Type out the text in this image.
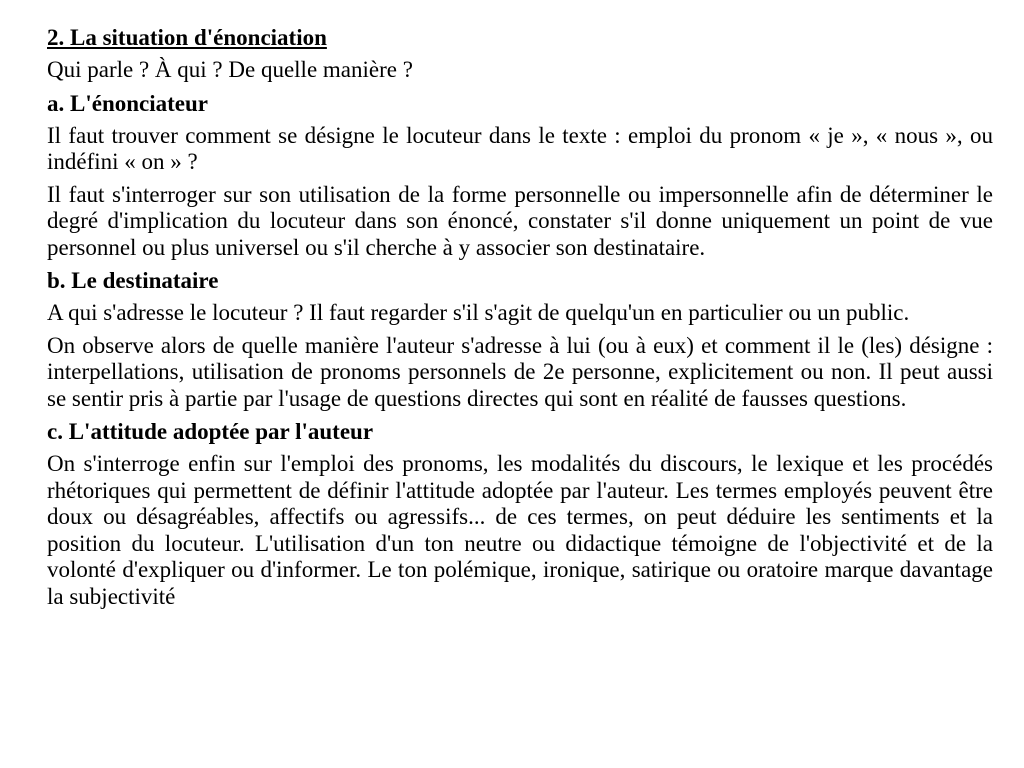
2. La situation d'énonciation
Qui parle ? À qui ? De quelle manière ?
a. L'énonciateur
Il faut trouver comment se désigne le locuteur dans le texte : emploi du pronom « je », « nous », ou indéfini « on » ?
Il faut s'interroger sur son utilisation de la forme personnelle ou impersonnelle afin de déterminer le degré d'implication du locuteur dans son énoncé, constater s'il donne uniquement un point de vue personnel ou plus universel ou s'il cherche à y associer son destinataire.
b. Le destinataire
A qui s'adresse le locuteur ? Il faut regarder s'il s'agit de quelqu'un en particulier ou un public.
On observe alors de quelle manière l'auteur s'adresse à lui (ou à eux) et comment il le (les) désigne : interpellations, utilisation de pronoms personnels de 2e personne, explicitement ou non. Il peut aussi se sentir pris à partie par l'usage de questions directes qui sont en réalité de fausses questions.
c. L'attitude adoptée par l'auteur
On s'interroge enfin sur l'emploi des pronoms, les modalités du discours, le lexique et les procédés rhétoriques qui permettent de définir l'attitude adoptée par l'auteur. Les termes employés peuvent être doux ou désagréables, affectifs ou agressifs... de ces termes, on peut déduire les sentiments et la position du locuteur. L'utilisation d'un ton neutre ou didactique témoigne de l'objectivité et de la volonté d'expliquer ou d'informer. Le ton polémique, ironique, satirique ou oratoire marque davantage la subjectivité
